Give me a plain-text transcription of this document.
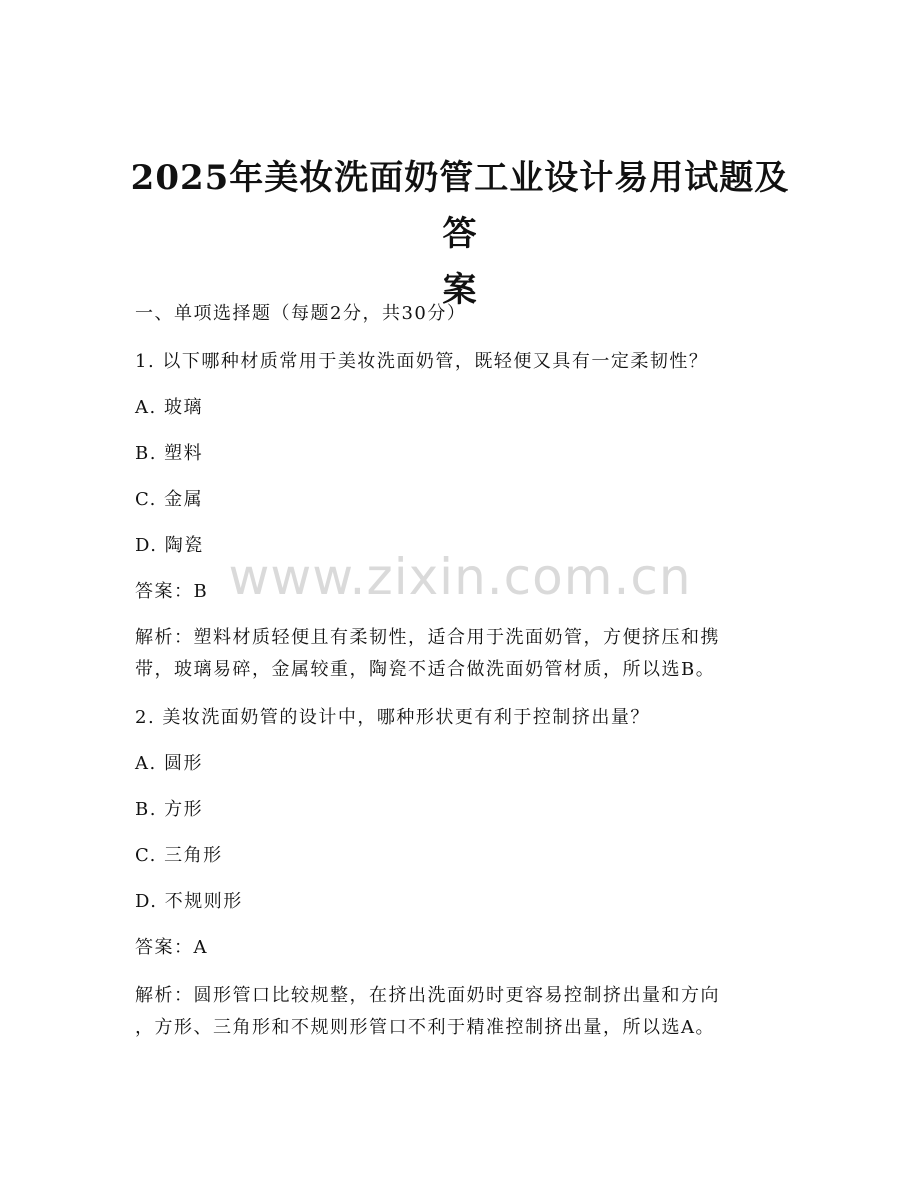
2025年美妆洗面奶管工业设计易用试题及答
案
www.zixin.com.cn
一、单项选择题（每题2分，共30分）
1. 以下哪种材质常用于美妆洗面奶管，既轻便又具有一定柔韧性？
A. 玻璃
B. 塑料
C. 金属
D. 陶瓷
答案：B
解析：塑料材质轻便且有柔韧性，适合用于洗面奶管，方便挤压和携
带，玻璃易碎，金属较重，陶瓷不适合做洗面奶管材质，所以选B。
2. 美妆洗面奶管的设计中，哪种形状更有利于控制挤出量？
A. 圆形
B. 方形
C. 三角形
D. 不规则形
答案：A
解析：圆形管口比较规整，在挤出洗面奶时更容易控制挤出量和方向
，方形、三角形和不规则形管口不利于精准控制挤出量，所以选A。
